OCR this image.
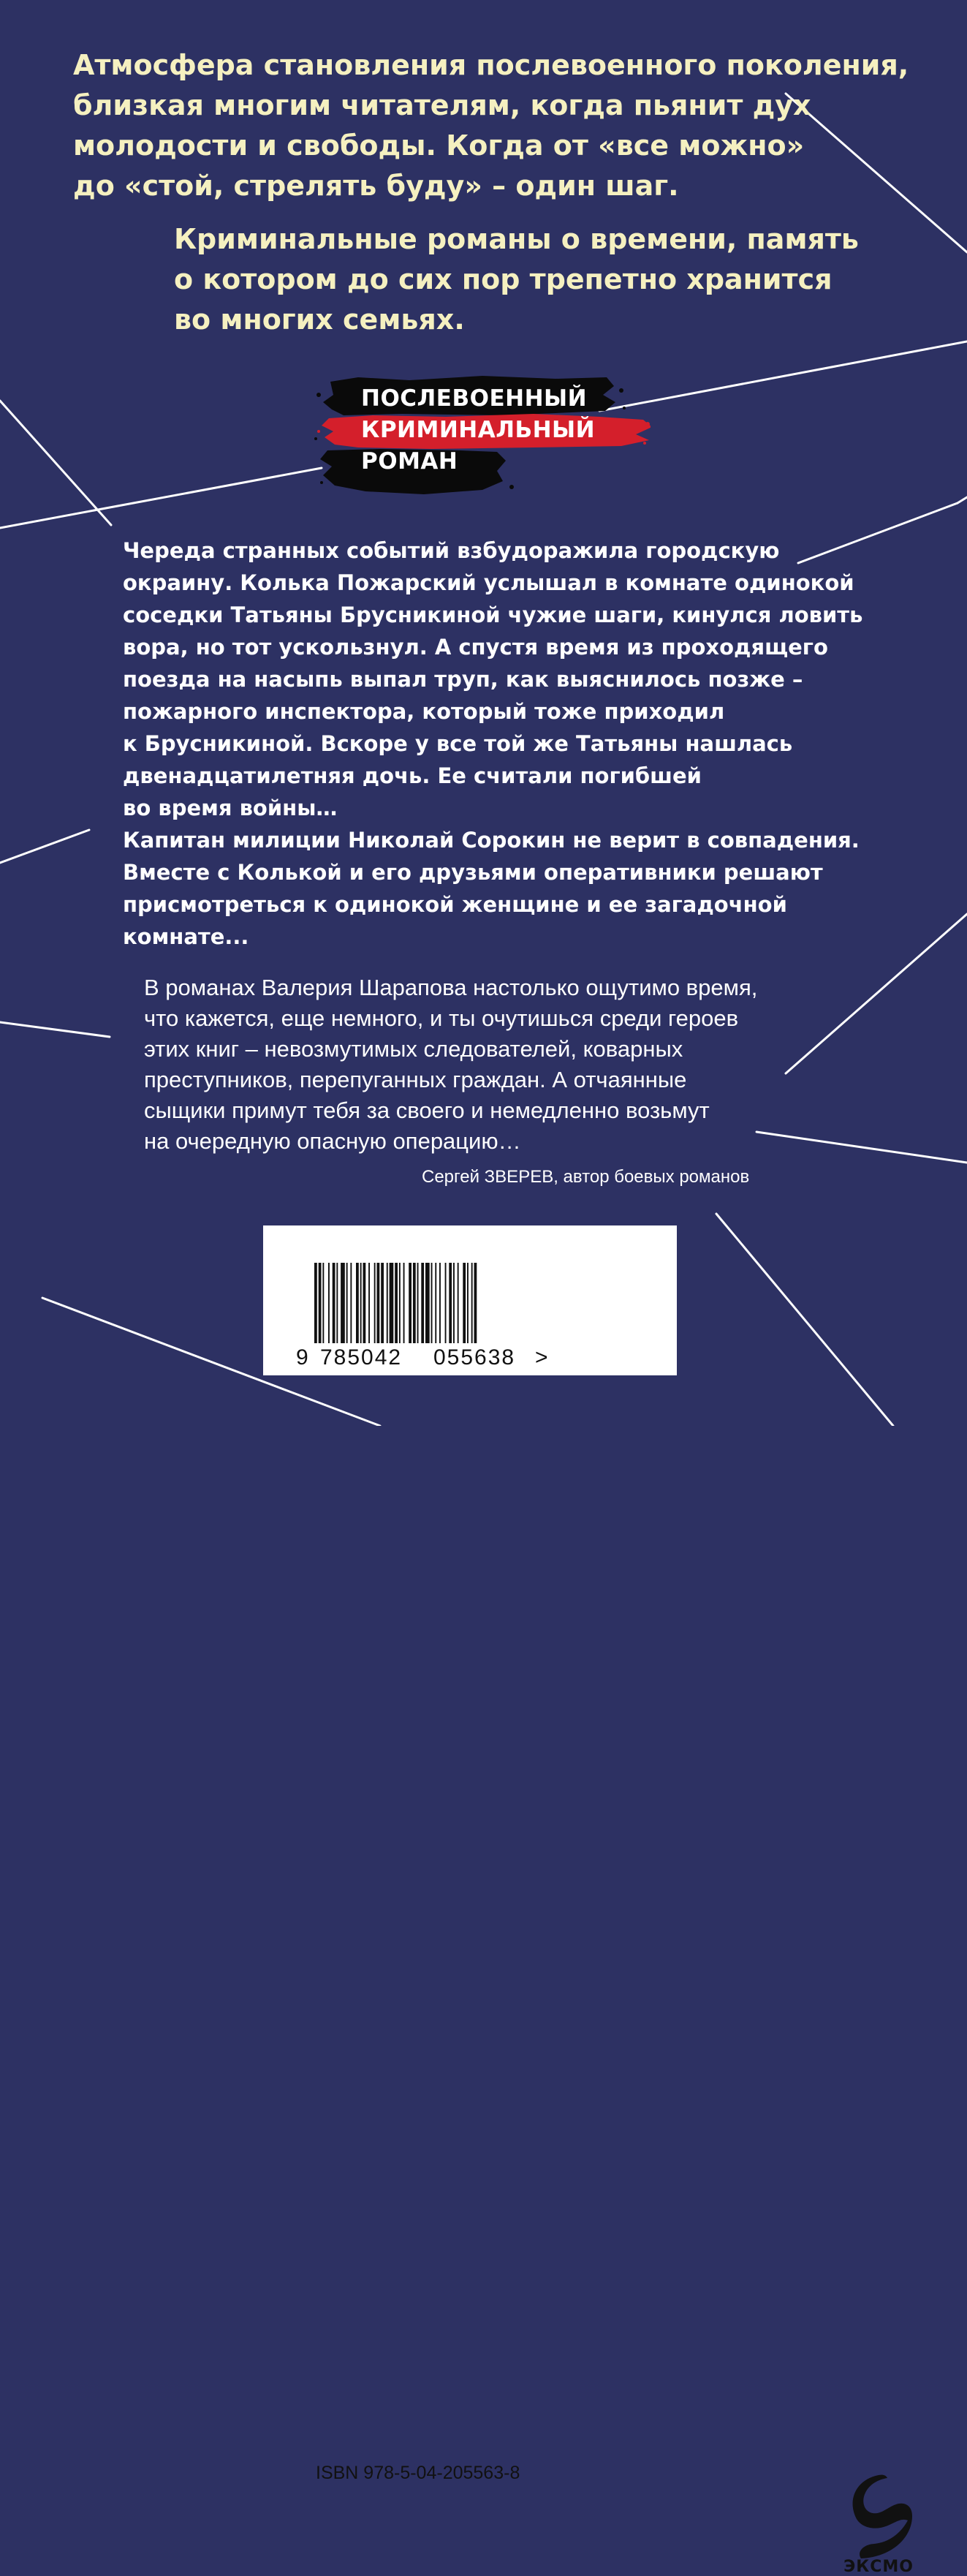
Атмосфера становления послевоенного поколения,
близкая многим читателям, когда пьянит дух
молодости и свободы. Когда от «все можно»
до «стой, стрелять буду» – один шаг.
Криминальные романы о времени, память
о котором до сих пор трепетно хранится
во многих семьях.
ПОСЛЕВОЕННЫЙ
КРИМИНАЛЬНЫЙ
РОМАН
Череда странных событий взбудоражила городскую
окраину. Колька Пожарский услышал в комнате одинокой
соседки Татьяны Брусникиной чужие шаги, кинулся ловить
вора, но тот ускользнул. А спустя время из проходящего
поезда на насыпь выпал труп, как выяснилось позже –
пожарного инспектора, который тоже приходил
к Брусникиной. Вскоре у все той же Татьяны нашлась
двенадцатилетняя дочь. Ее считали погибшей
во время войны…
Капитан милиции Николай Сорокин не верит в совпадения.
Вместе с Колькой и его друзьями оперативники решают
присмотреться к одинокой женщине и ее загадочной
комнате...
В романах Валерия Шарапова настолько ощутимо время,
что кажется, еще немного, и ты очутишься среди героев
этих книг – невозмутимых следователей, коварных
преступников, перепуганных граждан. А отчаянные
сыщики примут тебя за своего и немедленно возьмут
на очередную опасную операцию…
Сергей ЗВЕРЕВ, автор боевых романов
ISBN 978-5-04-205563-8
ЭКСМО
9 785042 055638 >
